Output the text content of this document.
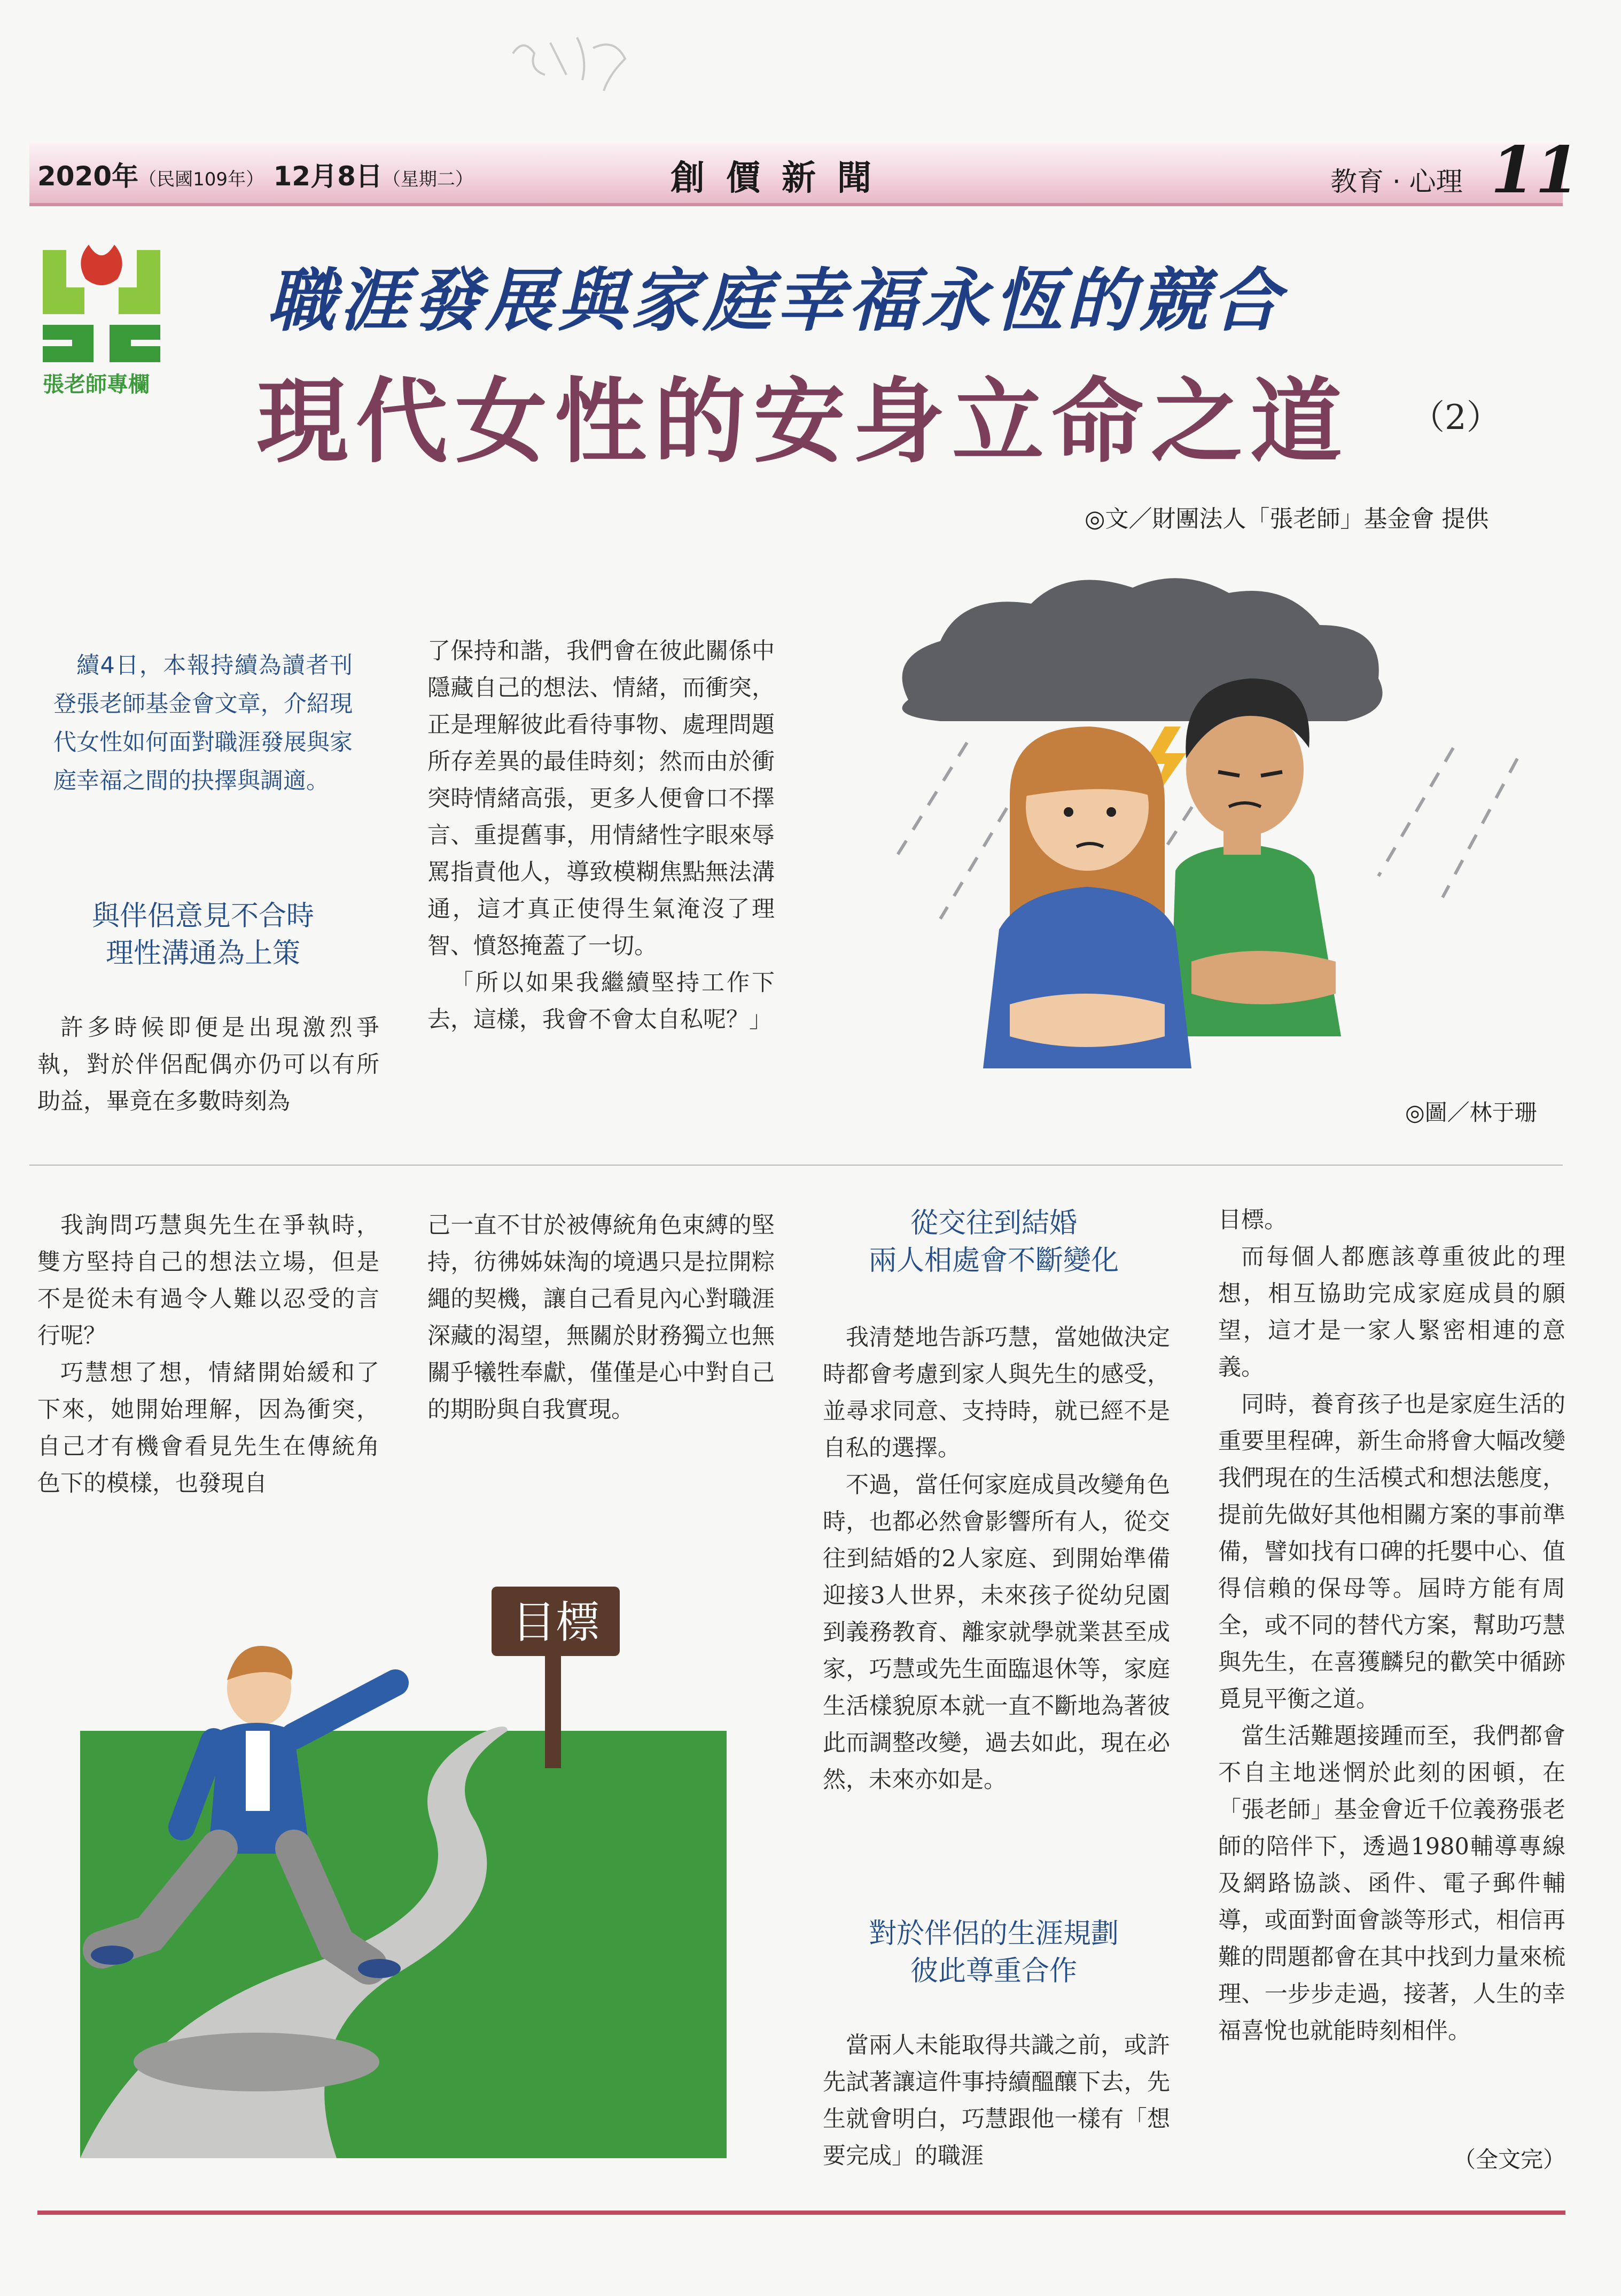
2020年（民國109年） 12月8日（星期二）	創價新聞	教育 · 心理 11
張老師專欄
職涯發展與家庭幸福永恆的競合
現代女性的安身立命之道 （2）
◎文／財團法人「張老師」基金會 提供

續4日，本報持續為讀者刊登張老師基金會文章，介紹現代女性如何面對職涯發展與家庭幸福之間的抉擇與調適。

與伴侶意見不合時
理性溝通為上策

許多時候即便是出現激烈爭執，對於伴侶配偶亦仍可以有所助益，畢竟在多數時刻為

了保持和諧，我們會在彼此關係中隱藏自己的想法、情緒，而衝突，正是理解彼此看待事物、處理問題所存差異的最佳時刻；然而由於衝突時情緒高張，更多人便會口不擇言、重提舊事，用情緒性字眼來辱罵指責他人，導致模糊焦點無法溝通，這才真正使得生氣淹沒了理智、憤怒掩蓋了一切。

「所以如果我繼續堅持工作下去，這樣，我會不會太自私呢？」

◎圖／林于珊

我詢問巧慧與先生在爭執時，雙方堅持自己的想法立場，但是不是從未有過令人難以忍受的言行呢？

巧慧想了想，情緒開始緩和了下來，她開始理解，因為衝突，自己才有機會看見先生在傳統角色下的模樣，也發現自

己一直不甘於被傳統角色束縛的堅持，彷彿姊妹淘的境遇只是拉開粽繩的契機，讓自己看見內心對職涯深藏的渴望，無關於財務獨立也無關乎犧牲奉獻，僅僅是心中對自己的期盼與自我實現。

目標
從交往到結婚
兩人相處會不斷變化

我清楚地告訴巧慧，當她做決定時都會考慮到家人與先生的感受，並尋求同意、支持時，就已經不是自私的選擇。

不過，當任何家庭成員改變角色時，也都必然會影響所有人，從交往到結婚的2人家庭、到開始準備迎接3人世界，未來孩子從幼兒園到義務教育、離家就學就業甚至成家，巧慧或先生面臨退休等，家庭生活樣貌原本就一直不斷地為著彼此而調整改變，過去如此，現在必然，未來亦如是。

對於伴侶的生涯規劃
彼此尊重合作

當兩人未能取得共識之前，或許先試著讓這件事持續醞釀下去，先生就會明白，巧慧跟他一樣有「想要完成」的職涯

目標。

而每個人都應該尊重彼此的理想，相互協助完成家庭成員的願望，這才是一家人緊密相連的意義。

同時，養育孩子也是家庭生活的重要里程碑，新生命將會大幅改變我們現在的生活模式和想法態度，提前先做好其他相關方案的事前準備，譬如找有口碑的托嬰中心、值得信賴的保母等。屆時方能有周全，或不同的替代方案，幫助巧慧與先生，在喜獲麟兒的歡笑中循跡覓見平衡之道。

當生活難題接踵而至，我們都會不自主地迷惘於此刻的困頓，在「張老師」基金會近千位義務張老師的陪伴下，透過1980輔導專線及網路協談、函件、電子郵件輔導，或面對面會談等形式，相信再難的問題都會在其中找到力量來梳理、一步步走過，接著，人生的幸福喜悅也就能時刻相伴。

（全文完）
